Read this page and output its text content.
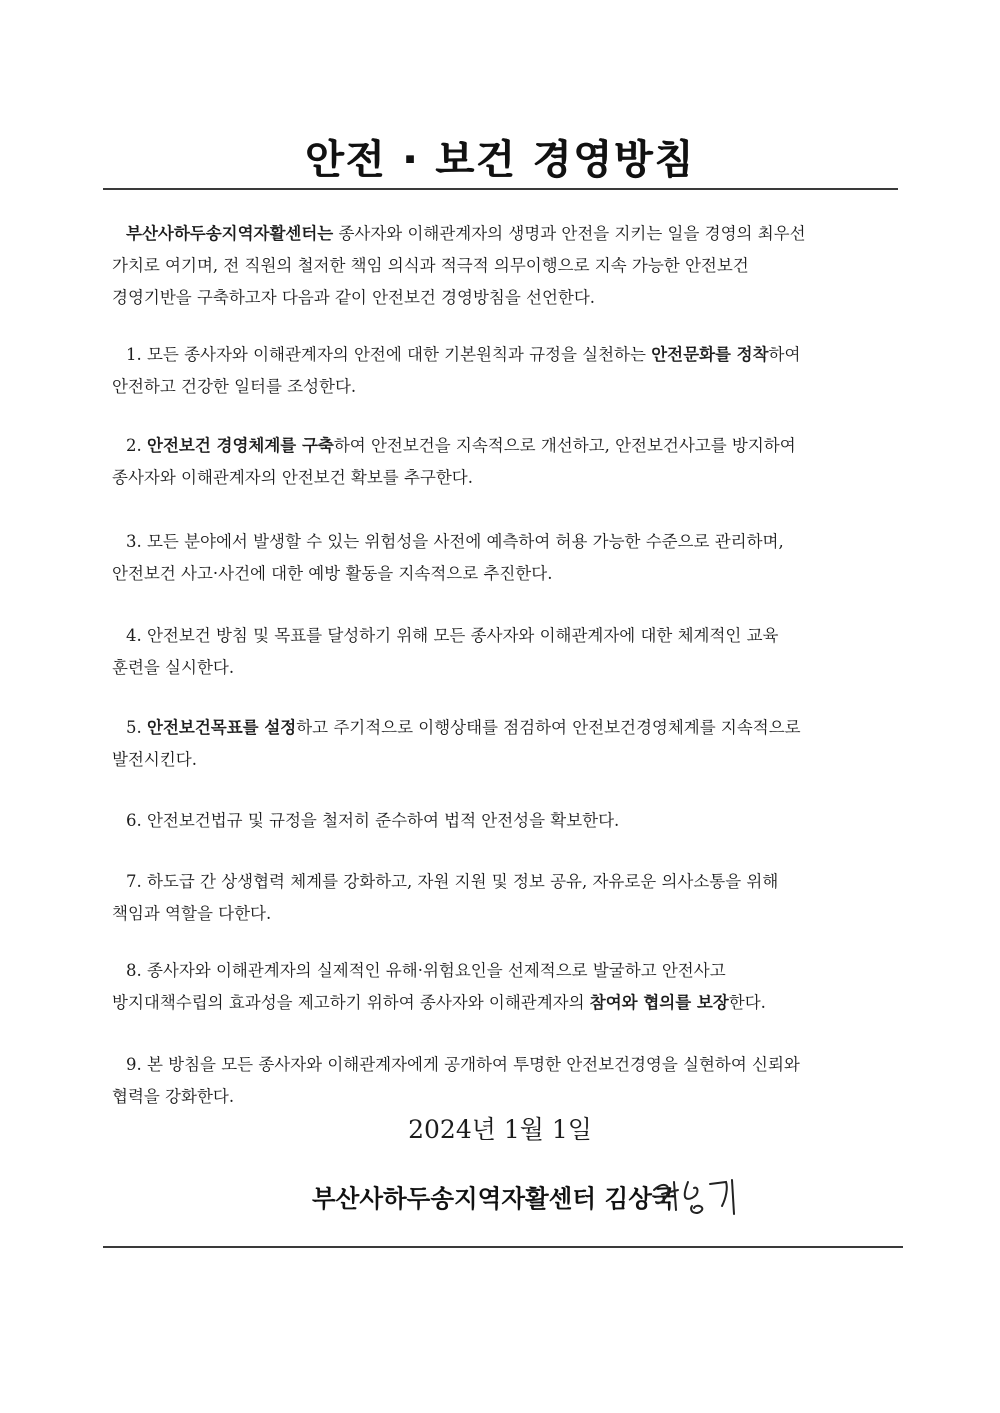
안전 · 보건 경영방침

부산사하두송지역자활센터는 종사자와 이해관계자의 생명과 안전을 지키는 일을 경영의 최우선
가치로 여기며, 전 직원의 철저한 책임 의식과 적극적 의무이행으로 지속 가능한 안전보건
경영기반을 구축하고자 다음과 같이 안전보건 경영방침을 선언한다.

1. 모든 종사자와 이해관계자의 안전에 대한 기본원칙과 규정을 실천하는 안전문화를 정착하여
안전하고 건강한 일터를 조성한다.

2. 안전보건 경영체계를 구축하여 안전보건을 지속적으로 개선하고, 안전보건사고를 방지하여
종사자와 이해관계자의 안전보건 확보를 추구한다.

3. 모든 분야에서 발생할 수 있는 위험성을 사전에 예측하여 허용 가능한 수준으로 관리하며,
안전보건 사고·사건에 대한 예방 활동을 지속적으로 추진한다.

4. 안전보건 방침 및 목표를 달성하기 위해 모든 종사자와 이해관계자에 대한 체계적인 교육
훈련을 실시한다.

5. 안전보건목표를 설정하고 주기적으로 이행상태를 점검하여 안전보건경영체계를 지속적으로
발전시킨다.

6. 안전보건법규 및 규정을 철저히 준수하여 법적 안전성을 확보한다.

7. 하도급 간 상생협력 체계를 강화하고, 자원 지원 및 정보 공유, 자유로운 의사소통을 위해
책임과 역할을 다한다.

8. 종사자와 이해관계자의 실제적인 유해·위험요인을 선제적으로 발굴하고 안전사고
방지대책수립의 효과성을 제고하기 위하여 종사자와 이해관계자의 참여와 협의를 보장한다.

9. 본 방침을 모든 종사자와 이해관계자에게 공개하여 투명한 안전보건경영을 실현하여 신뢰와
협력을 강화한다.

2024년 1월 1일
부산사하두송지역자활센터 김상국
